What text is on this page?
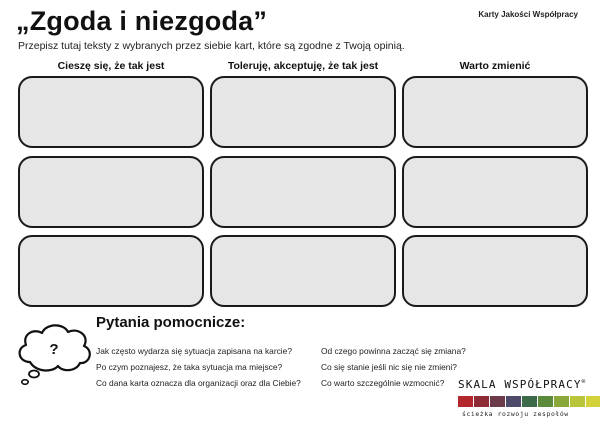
„Zgoda i niezgoda”	Karty Jakości Współpracy
Przepisz tutaj teksty z wybranych przez siebie kart, które są zgodne z Twoją opinią.
Cieszę się, że tak jest	Toleruję, akceptuję, że tak jest	Warto zmienić
?
Pytania pomocnicze:
Jak często wydarza się sytuacja zapisana na karcie?
Po czym poznajesz, że taka sytuacja ma miejsce?
Co dana karta oznacza dla organizacji oraz dla Ciebie?
Od czego powinna zacząć się zmiana?
Co się stanie jeśli nic się nie zmieni?
Co warto szczególnie wzmocnić? SKALA WSPÓŁPRACY®
ścieżka rozwoju zespołów
